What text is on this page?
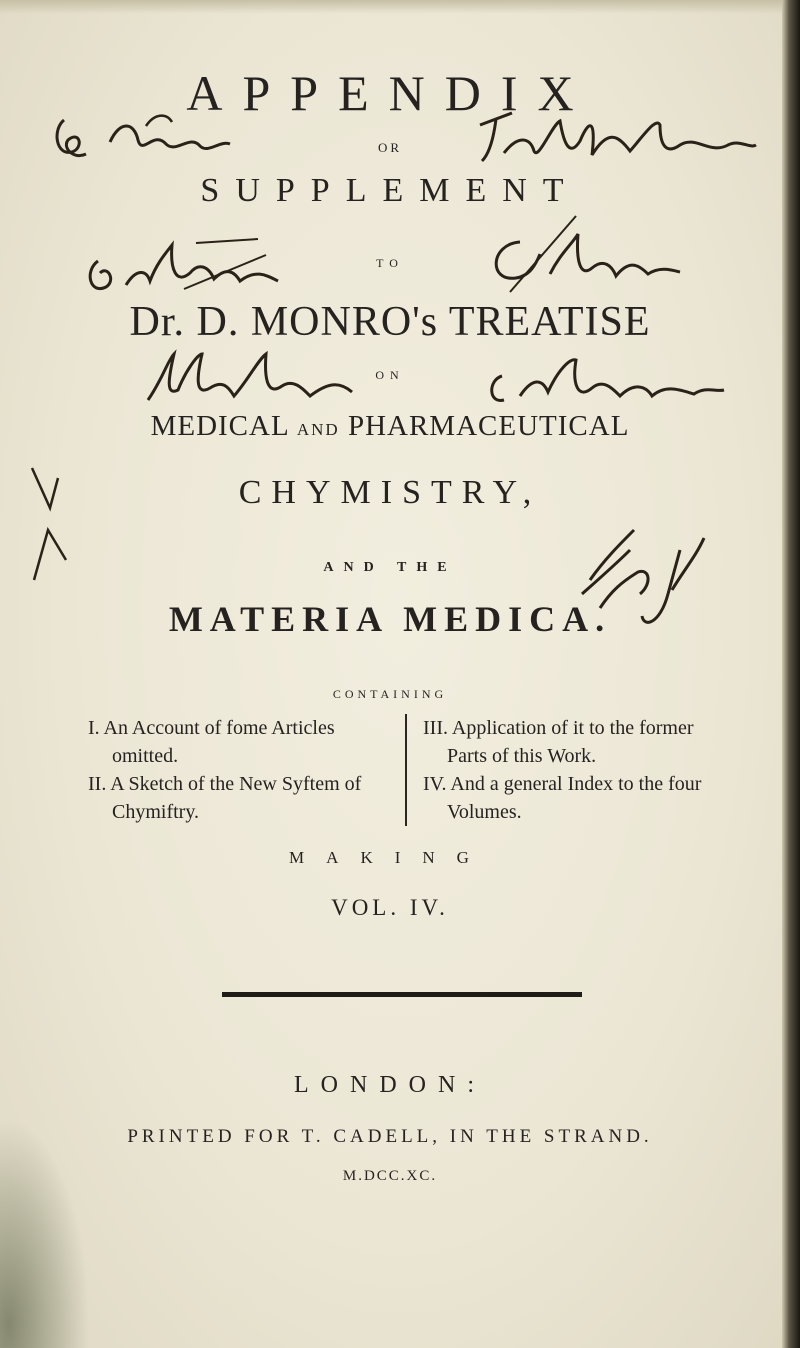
APPENDIX
OR
SUPPLEMENT
TO
Dr. D. MONRO's TREATISE
ON
MEDICAL AND PHARMACEUTICAL
CHYMISTRY,
AND THE
MATERIA MEDICA.
CONTAINING
I. An Account of fome Articles omitted.
II. A Sketch of the New Syftem of Chymiftry.
III. Application of it to the former Parts of this Work.
IV. And a general Index to the four Volumes.
MAKING
VOL. IV.
LONDON:
PRINTED FOR T. CADELL, IN THE STRAND.
M.DCC.XC.
